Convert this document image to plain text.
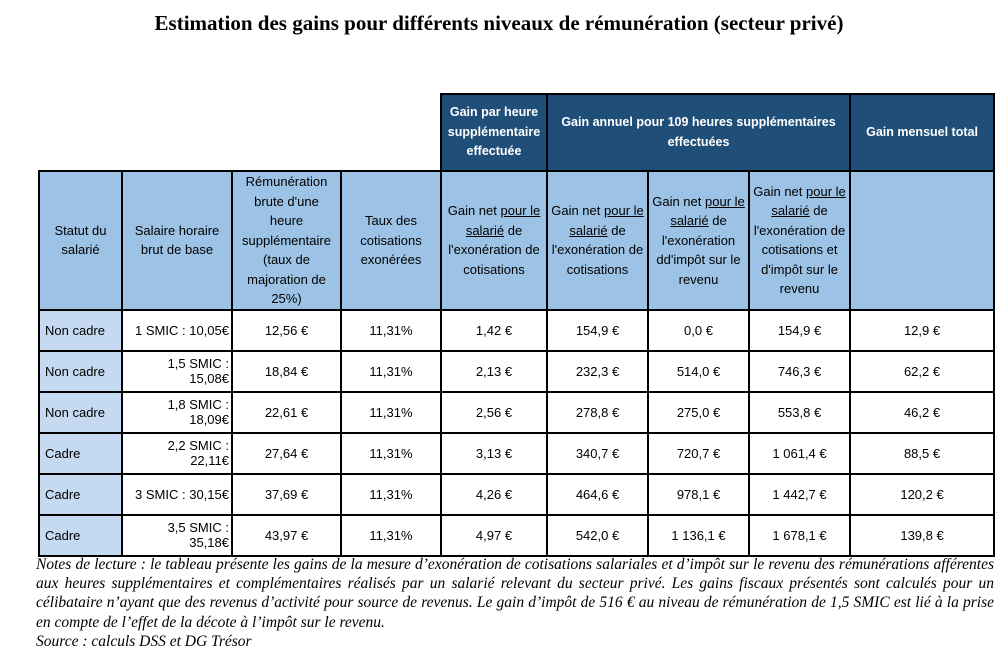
Estimation des gains pour différents niveaux de rémunération (secteur privé)
				Gain par heure supplémentaire effectuée	Gain annuel pour 109 heures supplémentaires effectuées			Gain mensuel total
Statut du salarié	Salaire horaire brut de base	Rémunération brute d'une heure supplémentaire (taux de majoration de 25%)	Taux des cotisations exonérées	Gain net pour le salarié de l'exonération de cotisations	Gain net pour le salarié de l'exonération de cotisations	Gain net pour le salarié de l'exonération dd'impôt sur le revenu	Gain net pour le salarié de l'exonération de cotisations et d'impôt sur le revenu	
Non cadre	1 SMIC : 10,05€	12,56 €	11,31%	1,42 €	154,9 €	0,0 €	154,9 €	12,9 €
Non cadre	1,5 SMIC : 15,08€	18,84 €	11,31%	2,13 €	232,3 €	514,0 €	746,3 €	62,2 €
Non cadre	1,8 SMIC : 18,09€	22,61 €	11,31%	2,56 €	278,8 €	275,0 €	553,8 €	46,2 €
Cadre	2,2 SMIC : 22,11€	27,64 €	11,31%	3,13 €	340,7 €	720,7 €	1 061,4 €	88,5 €
Cadre	3 SMIC : 30,15€	37,69 €	11,31%	4,26 €	464,6 €	978,1 €	1 442,7 €	120,2 €
Cadre	3,5 SMIC : 35,18€	43,97 €	11,31%	4,97 €	542,0 €	1 136,1 €	1 678,1 €	139,8 €
Notes de lecture : le tableau présente les gains de la mesure d’exonération de cotisations salariales et d’impôt sur le revenu des rémunérations afférentes aux heures supplémentaires et complémentaires réalisés par un salarié relevant du secteur privé. Les gains fiscaux présentés sont calculés pour un célibataire n’ayant que des revenus d’activité pour source de revenus. Le gain d’impôt de 516 € au niveau de rémunération de 1,5 SMIC est lié à la prise en compte de l’effet de la décote à l’impôt sur le revenu.
Source : calculs DSS et DG Trésor
